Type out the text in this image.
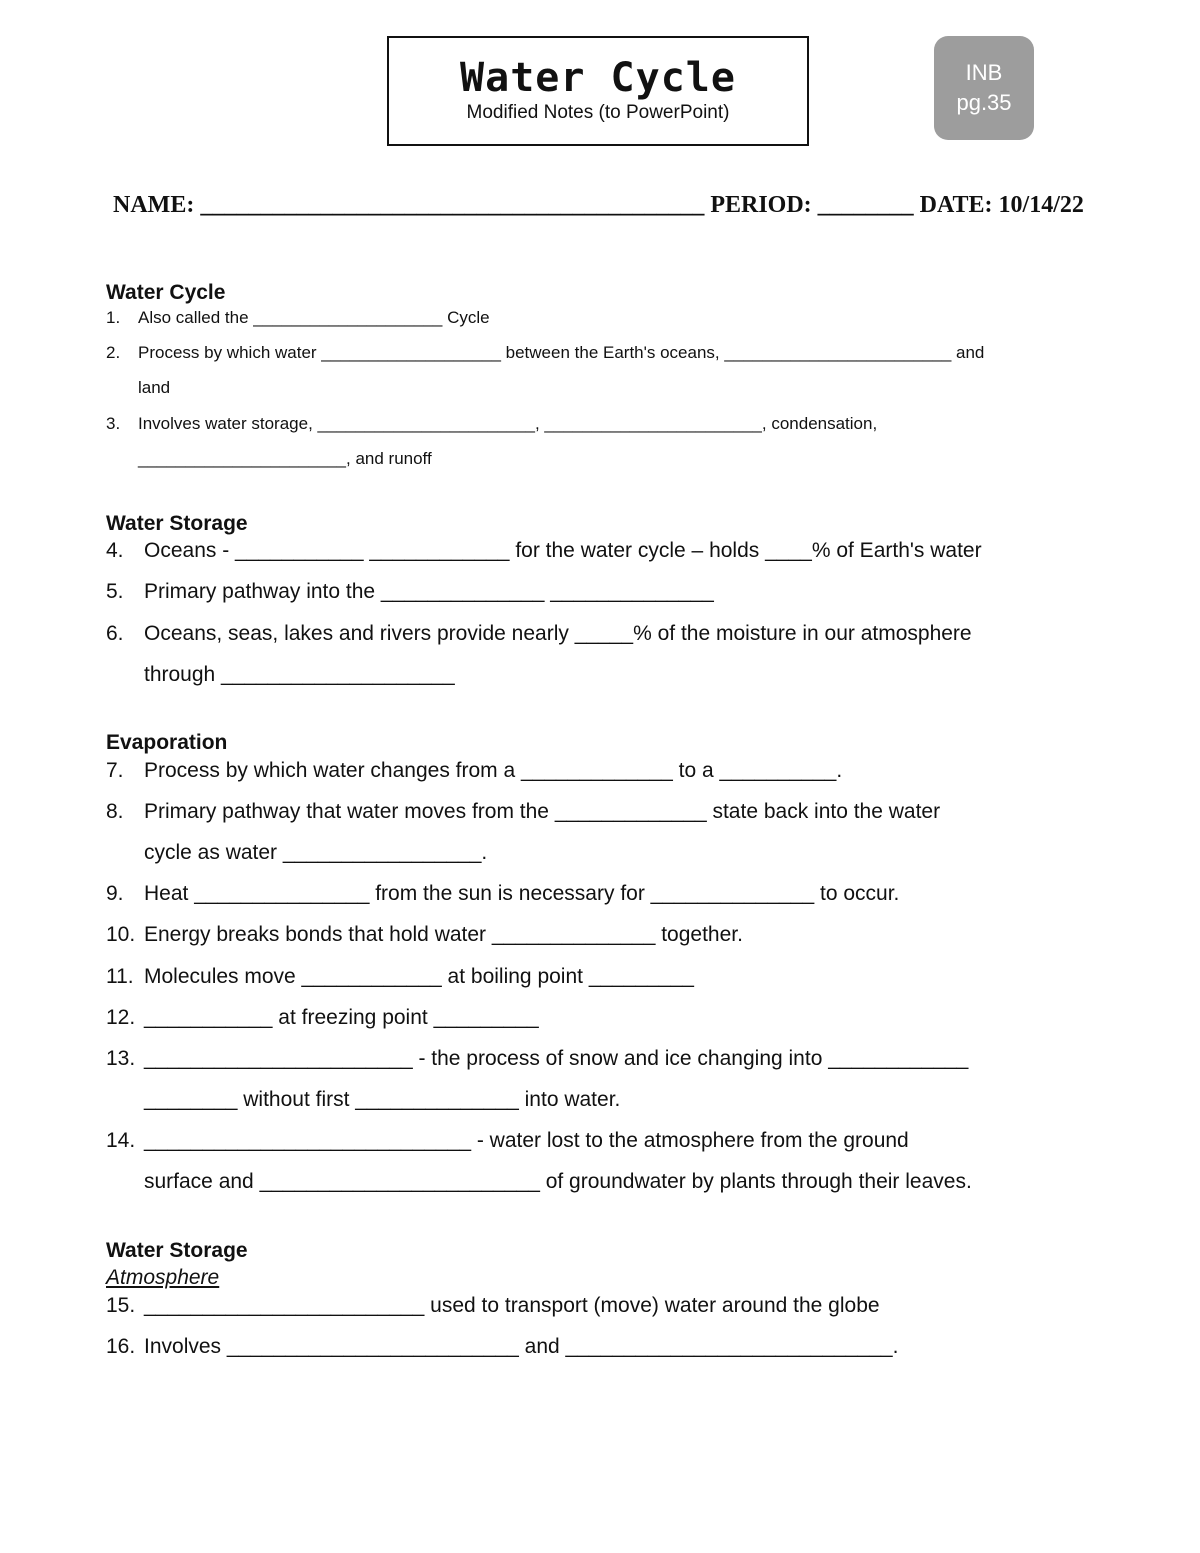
Water Cycle
Modified Notes (to PowerPoint)
INB
pg.35
NAME: __________________________________________ PERIOD: ________ DATE: 10/14/22
Water Cycle
1. Also called the ____________________ Cycle
2. Process by which water ___________________ between the Earth's oceans, ________________________ and
land
3. Involves water storage, _______________________, _______________________, condensation,
______________________, and runoff
Water Storage
4. Oceans - ___________ ____________ for the water cycle – holds ____% of Earth's water
5. Primary pathway into the ______________ ______________
6. Oceans, seas, lakes and rivers provide nearly _____% of the moisture in our atmosphere
through ____________________
Evaporation
7. Process by which water changes from a _____________ to a __________.
8. Primary pathway that water moves from the _____________ state back into the water
cycle as water _________________.
9. Heat _______________ from the sun is necessary for ______________ to occur.
10. Energy breaks bonds that hold water ______________ together.
11. Molecules move ____________ at boiling point _________
12. ___________ at freezing point _________
13. _______________________ - the process of snow and ice changing into ____________
________ without first ______________ into water.
14. ____________________________ - water lost to the atmosphere from the ground
surface and ________________________ of groundwater by plants through their leaves.
Water Storage
Atmosphere
15. ________________________ used to transport (move) water around the globe
16. Involves _________________________ and ____________________________.
